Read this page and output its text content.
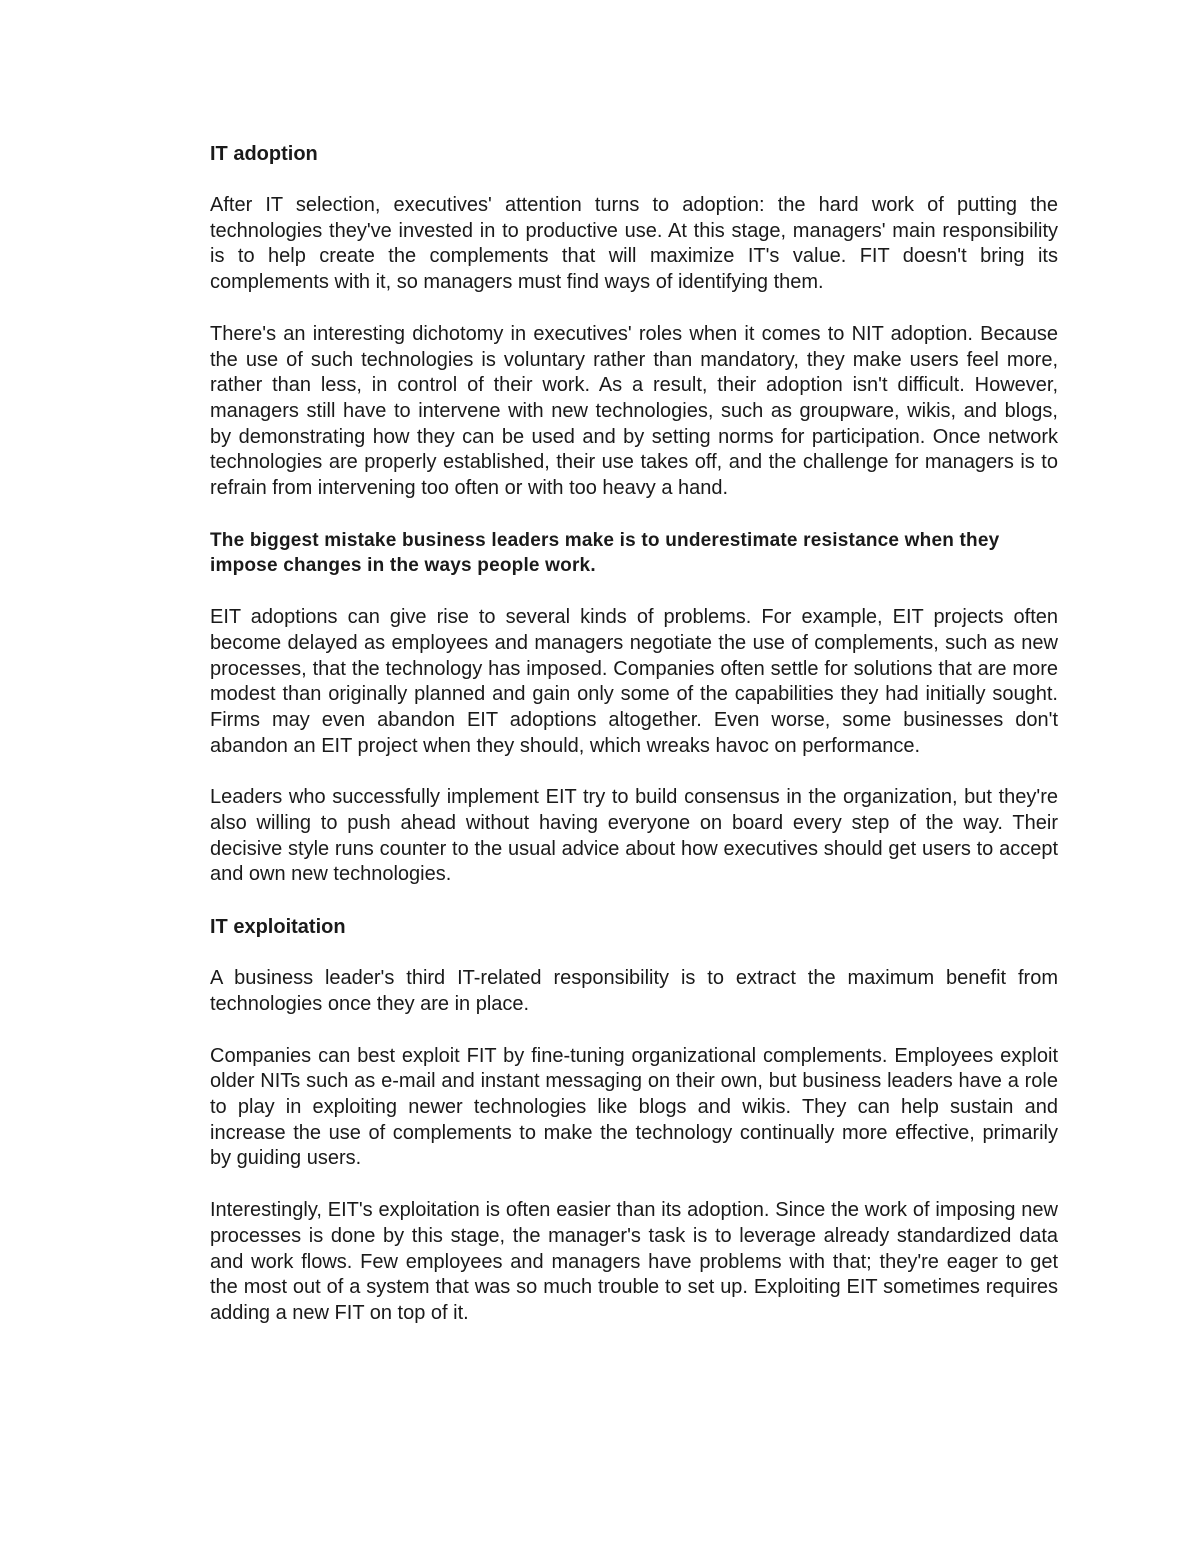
IT adoption

After IT selection, executives' attention turns to adoption: the hard work of putting the technologies they've invested in to productive use. At this stage, managers' main responsibility is to help create the complements that will maximize IT's value. FIT doesn't bring its complements with it, so managers must find ways of identifying them.

There's an interesting dichotomy in executives' roles when it comes to NIT adoption. Because the use of such technologies is voluntary rather than mandatory, they make users feel more, rather than less, in control of their work. As a result, their adoption isn't difficult. However, managers still have to intervene with new technologies, such as groupware, wikis, and blogs, by demonstrating how they can be used and by setting norms for participation. Once network technologies are properly established, their use takes off, and the challenge for managers is to refrain from intervening too often or with too heavy a hand.

The biggest mistake business leaders make is to underestimate resistance when they impose changes in the ways people work.

EIT adoptions can give rise to several kinds of problems. For example, EIT projects often become delayed as employees and managers negotiate the use of complements, such as new processes, that the technology has imposed. Companies often settle for solutions that are more modest than originally planned and gain only some of the capabilities they had initially sought. Firms may even abandon EIT adoptions altogether. Even worse, some businesses don't abandon an EIT project when they should, which wreaks havoc on performance.

Leaders who successfully implement EIT try to build consensus in the organization, but they're also willing to push ahead without having everyone on board every step of the way. Their decisive style runs counter to the usual advice about how executives should get users to accept and own new technologies.

IT exploitation

A business leader's third IT-related responsibility is to extract the maximum benefit from technologies once they are in place.

Companies can best exploit FIT by fine-tuning organizational complements. Employees exploit older NITs such as e-mail and instant messaging on their own, but business leaders have a role to play in exploiting newer technologies like blogs and wikis. They can help sustain and increase the use of complements to make the technology continually more effective, primarily by guiding users.

Interestingly, EIT's exploitation is often easier than its adoption. Since the work of imposing new processes is done by this stage, the manager's task is to leverage already standardized data and work flows. Few employees and managers have problems with that; they're eager to get the most out of a system that was so much trouble to set up. Exploiting EIT sometimes requires adding a new FIT on top of it.
